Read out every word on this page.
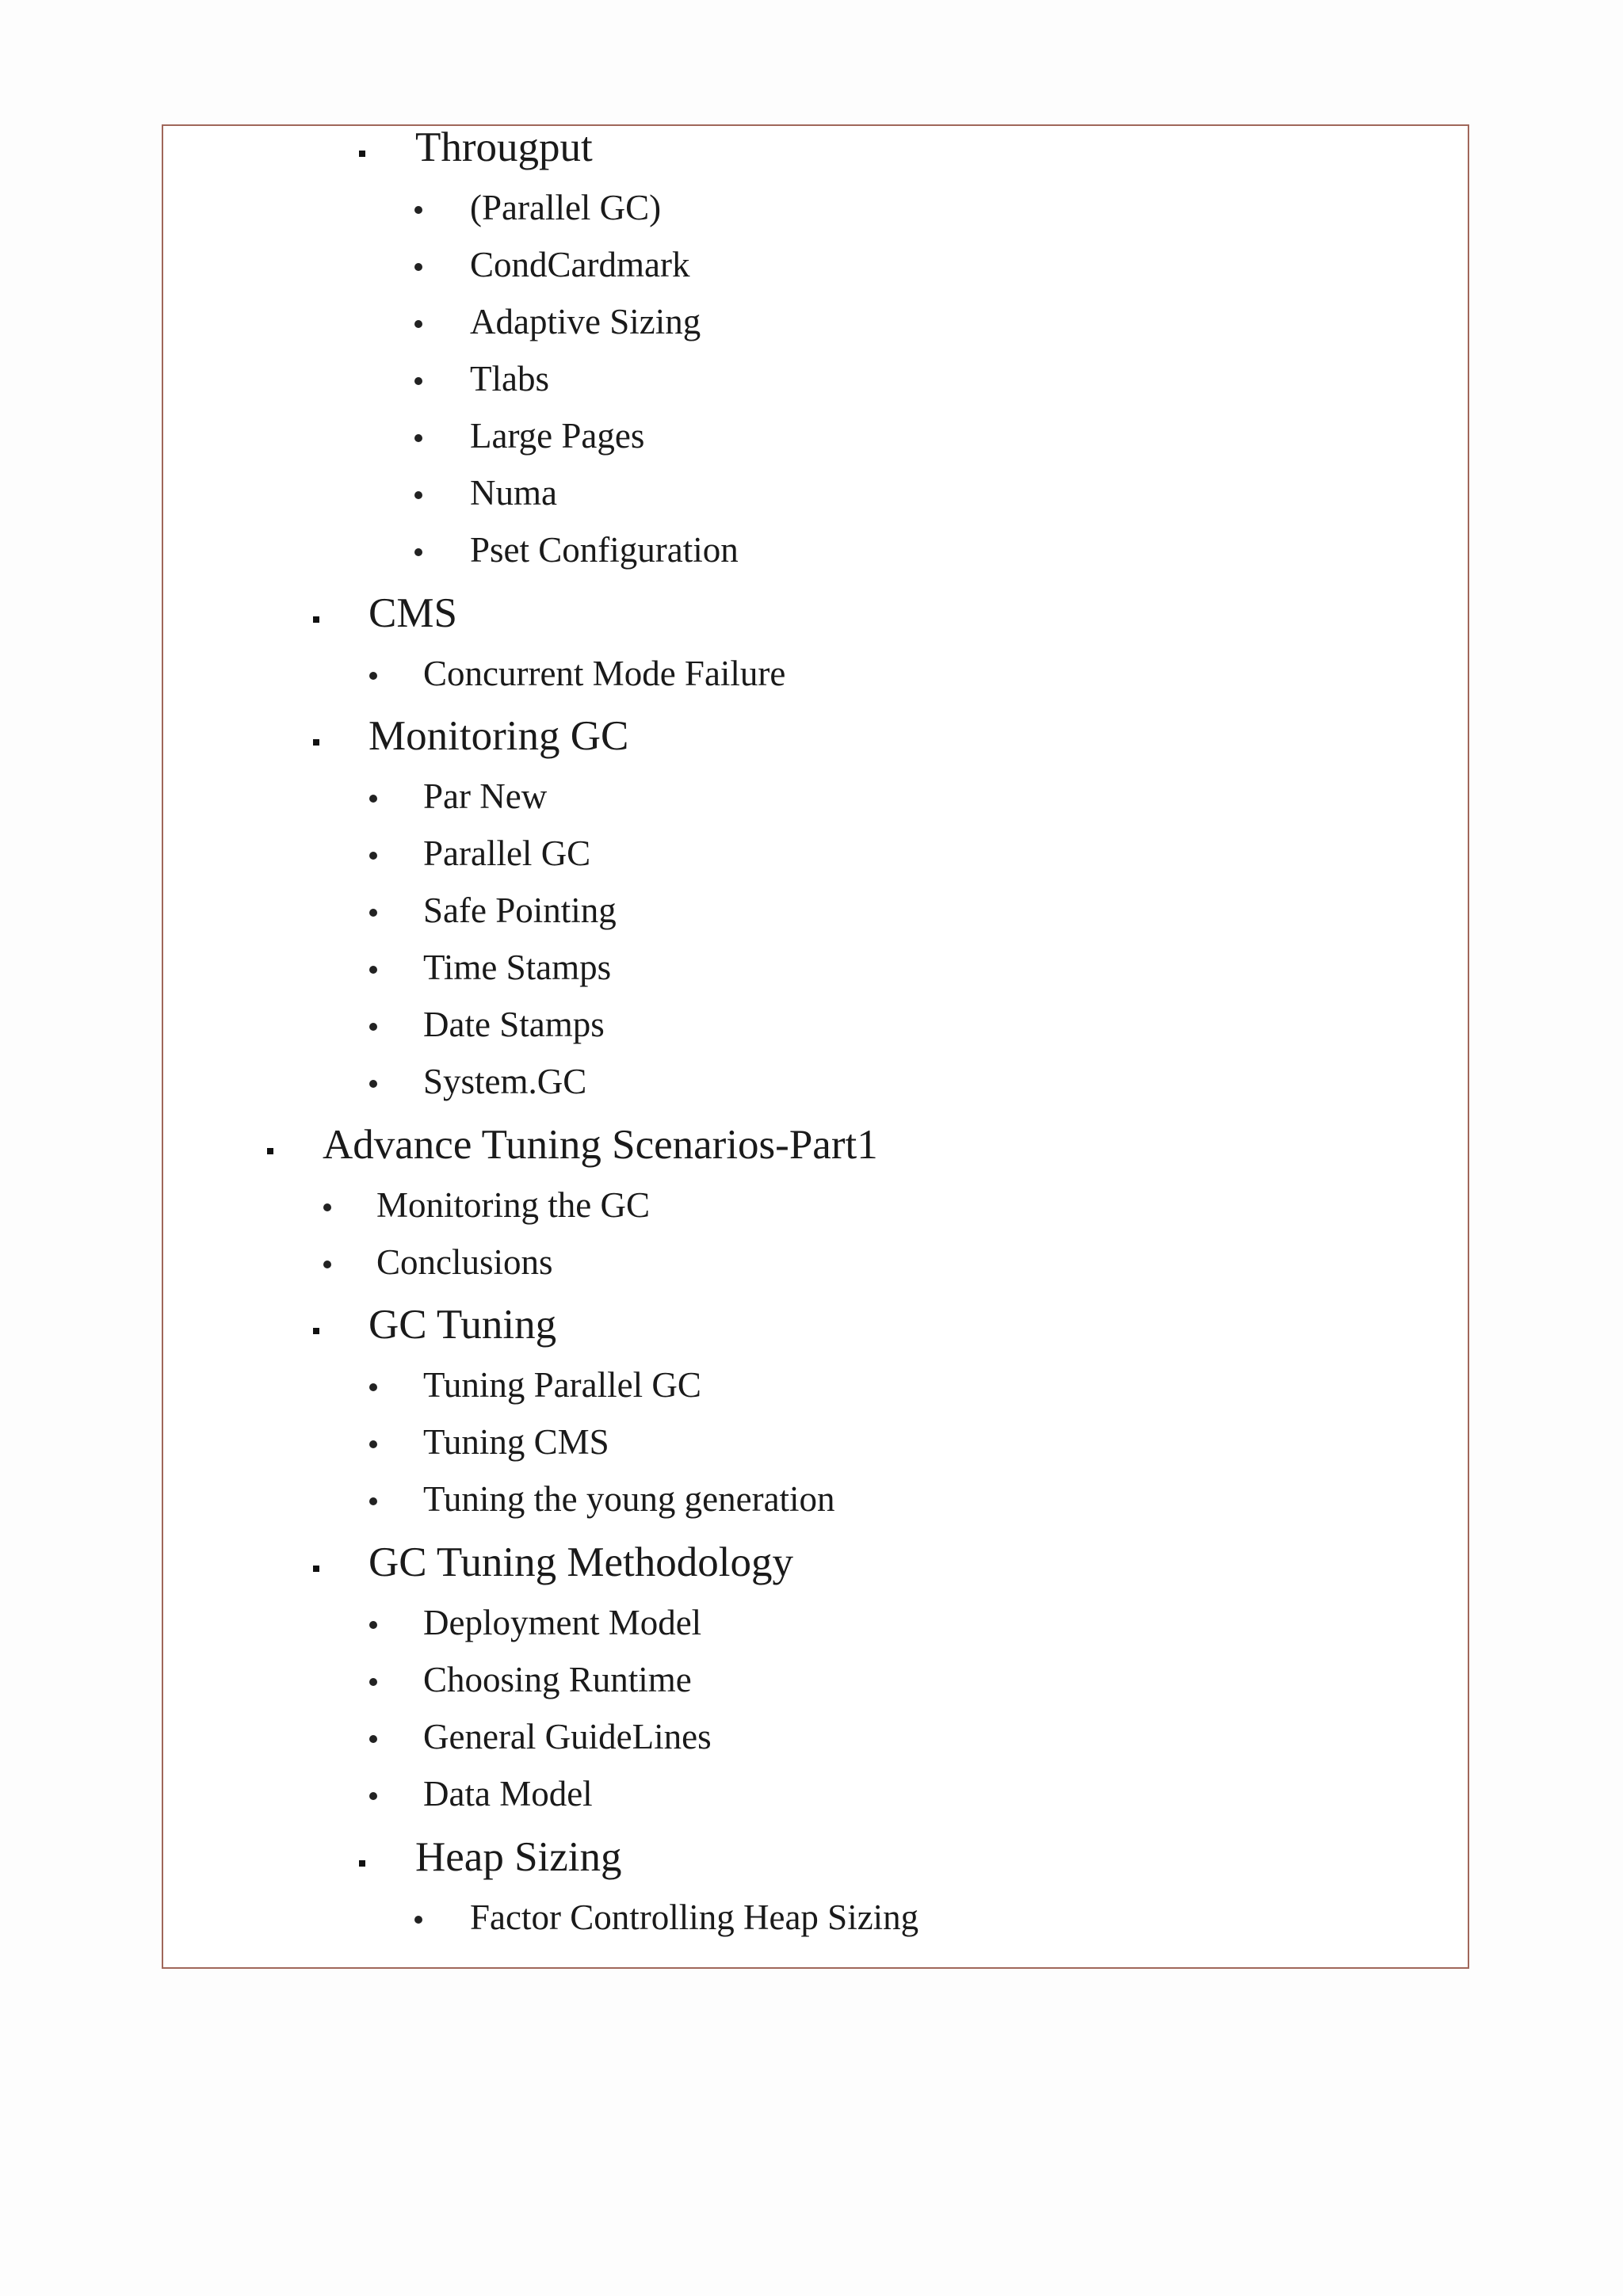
Througput
(Parallel GC)
CondCardmark
Adaptive Sizing
Tlabs
Large Pages
Numa
Pset Configuration
CMS
Concurrent Mode Failure
Monitoring GC
Par New
Parallel GC
Safe Pointing
Time Stamps
Date Stamps
System.GC
Advance Tuning Scenarios-Part1
Monitoring the GC
Conclusions
GC Tuning
Tuning Parallel GC
Tuning CMS
Tuning the young generation
GC Tuning Methodology
Deployment Model
Choosing Runtime
General GuideLines
Data Model
Heap Sizing
Factor Controlling Heap Sizing
